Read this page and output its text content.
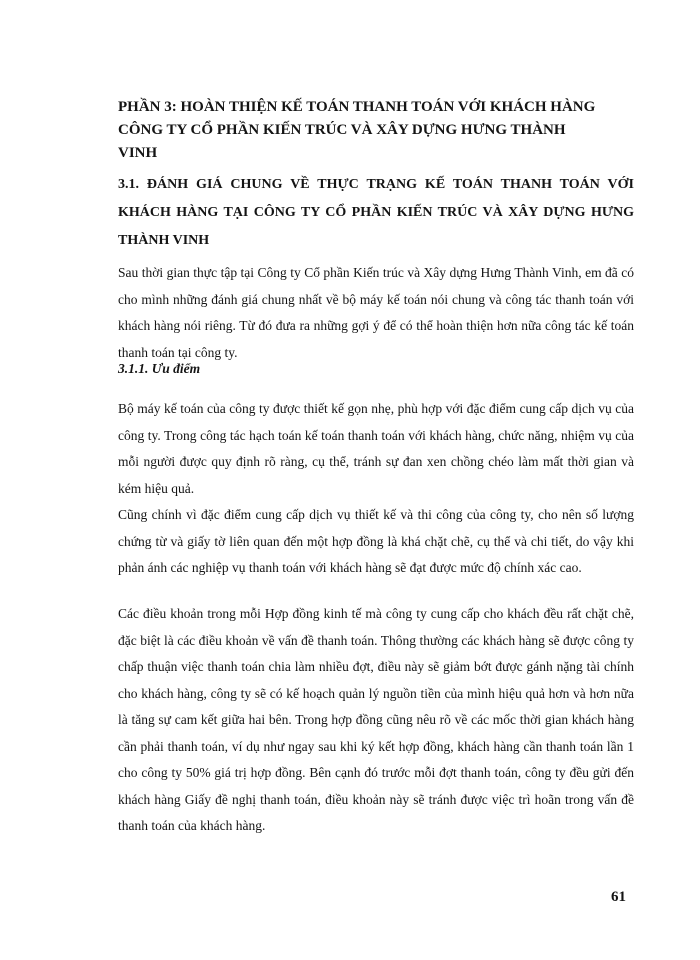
PHẦN 3: HOÀN THIỆN KẾ TOÁN THANH TOÁN VỚI KHÁCH HÀNG CÔNG TY CỔ PHẦN KIẾN TRÚC VÀ XÂY DỰNG HƯNG THÀNH VINH
3.1. ĐÁNH GIÁ CHUNG VỀ THỰC TRẠNG KẾ TOÁN THANH TOÁN VỚI KHÁCH HÀNG TẠI CÔNG TY CỔ PHẦN KIẾN TRÚC VÀ XÂY DỰNG HƯNG THÀNH VINH

Sau thời gian thực tập tại Công ty Cổ phần Kiến trúc và Xây dựng Hưng Thành Vinh, em đã có cho mình những đánh giá chung nhất về bộ máy kế toán nói chung và công tác thanh toán với khách hàng nói riêng. Từ đó đưa ra những gợi ý để có thể hoàn thiện hơn nữa công tác kế toán thanh toán tại công ty.

3.1.1. Ưu điểm

Bộ máy kế toán của công ty được thiết kế gọn nhẹ, phù hợp với đặc điểm cung cấp dịch vụ của công ty. Trong công tác hạch toán kế toán thanh toán với khách hàng, chức năng, nhiệm vụ của mỗi người được quy định rõ ràng, cụ thể, tránh sự đan xen chồng chéo làm mất thời gian và kém hiệu quả.

Cũng chính vì đặc điểm cung cấp dịch vụ thiết kế và thi công của công ty, cho nên số lượng chứng từ và giấy tờ liên quan đến một hợp đồng là khá chặt chẽ, cụ thể và chi tiết, do vậy khi phản ánh các nghiệp vụ thanh toán với khách hàng sẽ đạt được mức độ chính xác cao.

Các điều khoản trong mỗi Hợp đồng kinh tế mà công ty cung cấp cho khách đều rất chặt chẽ, đặc biệt là các điều khoản về vấn đề thanh toán. Thông thường các khách hàng sẽ được công ty chấp thuận việc thanh toán chia làm nhiều đợt, điều này sẽ giảm bớt được gánh nặng tài chính cho khách hàng, công ty sẽ có kế hoạch quản lý nguồn tiền của mình hiệu quả hơn và hơn nữa là tăng sự cam kết giữa hai bên. Trong hợp đồng cũng nêu rõ về các mốc thời gian khách hàng cần phải thanh toán, ví dụ như ngay sau khi ký kết hợp đồng, khách hàng cần thanh toán lần 1 cho công ty 50% giá trị hợp đồng. Bên cạnh đó trước mỗi đợt thanh toán, công ty đều gửi đến khách hàng Giấy đề nghị thanh toán, điều khoản này sẽ tránh được việc trì hoãn trong vấn đề thanh toán của khách hàng.

61
